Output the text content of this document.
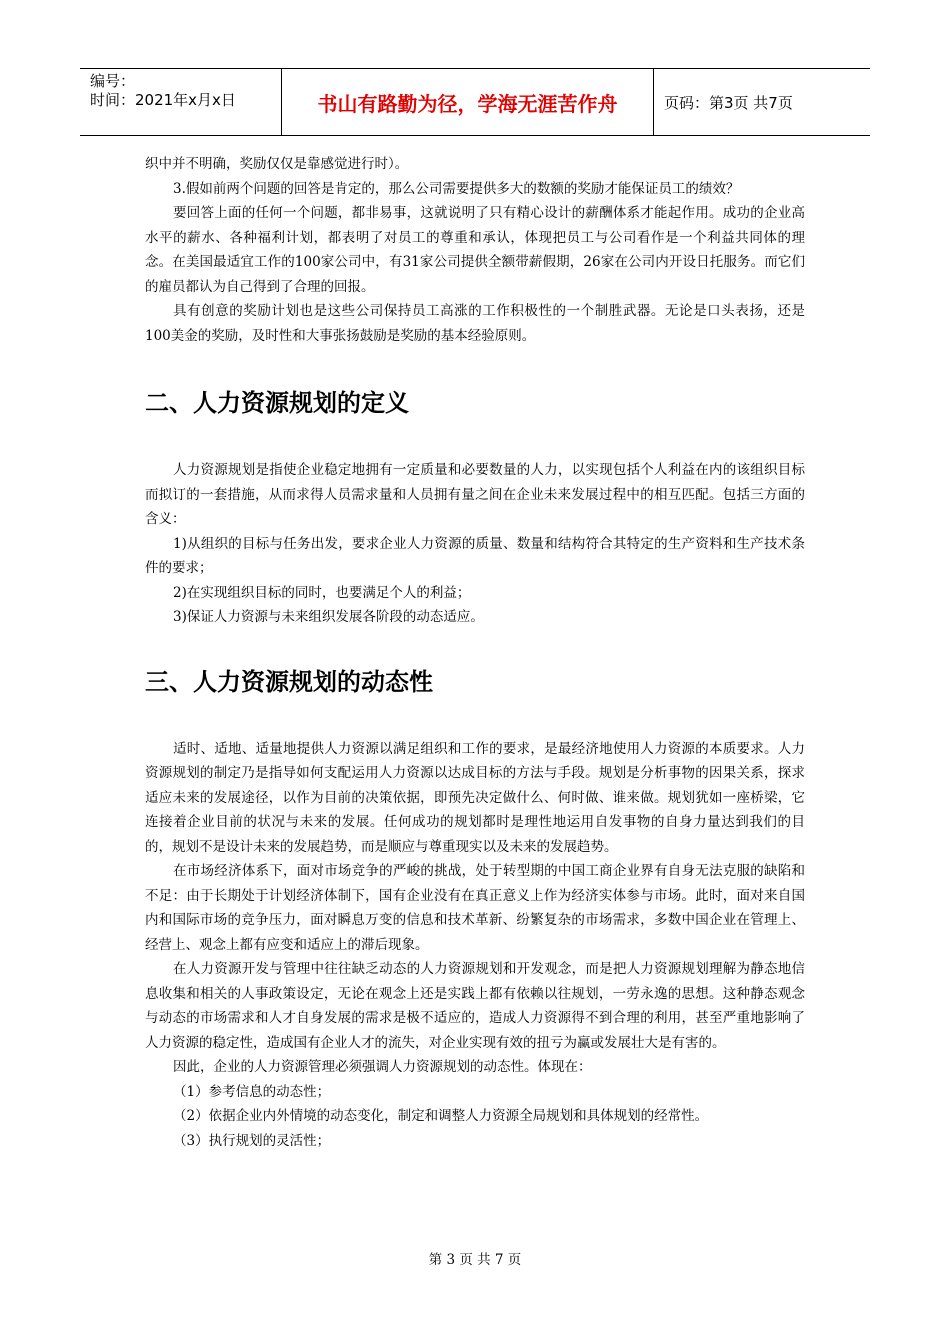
编号：
时间：2021年x月x日	书山有路勤为径，学海无涯苦作舟	页码：第3页 共7页

织中并不明确，奖励仅仅是靠感觉进行时）。

3.假如前两个问题的回答是肯定的，那么公司需要提供多大的数额的奖励才能保证员工的绩效？

要回答上面的任何一个问题，都非易事，这就说明了只有精心设计的薪酬体系才能起作用。成功的企业高水平的薪水、各种福利计划，都表明了对员工的尊重和承认，体现把员工与公司看作是一个利益共同体的理念。在美国最适宜工作的100家公司中，有31家公司提供全额带薪假期，26家在公司内开设日托服务。而它们的雇员都认为自己得到了合理的回报。

具有创意的奖励计划也是这些公司保持员工高涨的工作积极性的一个制胜武器。无论是口头表扬，还是100美金的奖励，及时性和大事张扬鼓励是奖励的基本经验原则。

二、人力资源规划的定义

人力资源规划是指使企业稳定地拥有一定质量和必要数量的人力，以实现包括个人利益在内的该组织目标而拟订的一套措施，从而求得人员需求量和人员拥有量之间在企业未来发展过程中的相互匹配。包括三方面的含义：

1)从组织的目标与任务出发，要求企业人力资源的质量、数量和结构符合其特定的生产资料和生产技术条件的要求；

2)在实现组织目标的同时，也要满足个人的利益；

3)保证人力资源与未来组织发展各阶段的动态适应。

三、人力资源规划的动态性

适时、适地、适量地提供人力资源以满足组织和工作的要求，是最经济地使用人力资源的本质要求。人力资源规划的制定乃是指导如何支配运用人力资源以达成目标的方法与手段。规划是分析事物的因果关系，探求适应未来的发展途径，以作为目前的决策依据，即预先决定做什么、何时做、谁来做。规划犹如一座桥梁，它连接着企业目前的状况与未来的发展。任何成功的规划都时是理性地运用自发事物的自身力量达到我们的目的，规划不是设计未来的发展趋势，而是顺应与尊重现实以及未来的发展趋势。

在市场经济体系下，面对市场竞争的严峻的挑战，处于转型期的中国工商企业界有自身无法克服的缺陷和不足：由于长期处于计划经济体制下，国有企业没有在真正意义上作为经济实体参与市场。此时，面对来自国内和国际市场的竞争压力，面对瞬息万变的信息和技术革新、纷繁复杂的市场需求，多数中国企业在管理上、经营上、观念上都有应变和适应上的滞后现象。

在人力资源开发与管理中往往缺乏动态的人力资源规划和开发观念，而是把人力资源规划理解为静态地信息收集和相关的人事政策设定，无论在观念上还是实践上都有依赖以往规划，一劳永逸的思想。这种静态观念与动态的市场需求和人才自身发展的需求是极不适应的，造成人力资源得不到合理的利用，甚至严重地影响了人力资源的稳定性，造成国有企业人才的流失，对企业实现有效的扭亏为赢或发展壮大是有害的。

因此，企业的人力资源管理必须强调人力资源规划的动态性。体现在：

（1）参考信息的动态性；

（2）依据企业内外情境的动态变化，制定和调整人力资源全局规划和具体规划的经常性。

（3）执行规划的灵活性；

第 3 页 共 7 页
